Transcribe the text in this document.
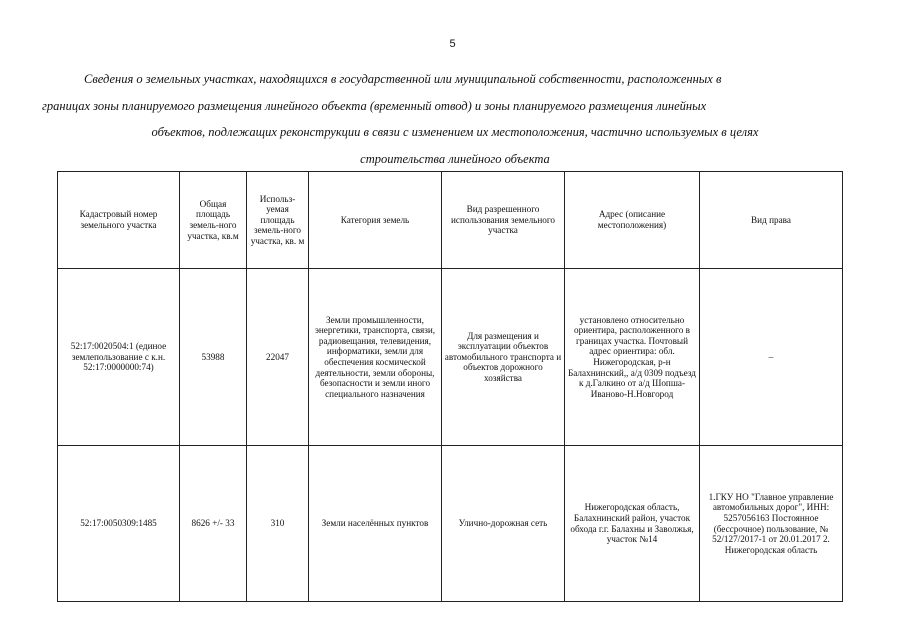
5

Сведения о земельных участках, находящихся в государственной или муниципальной собственности, расположенных в

границах зоны планируемого размещения линейного объекта (временный отвод) и зоны планируемого размещения линейных

объектов, подлежащих реконструкции в связи с изменением их местоположения, частично используемых в целях

строительства линейного объекта

Кадастровый номер земельного участка	Общая площадь земель-ного участка, кв.м	Использ-уемая площадь земель-ного участка, кв. м	Категория земель	Вид разрешенного использования земельного участка	Адрес (описание местоположения)	Вид права
52:17:0020504:1 (единое землепользование с к.н. 52:17:0000000:74)	53988	22047	Земли промышленности, энергетики, транспорта, связи, радиовещания, телевидения, информатики, земли для обеспечения космической деятельности, земли обороны, безопасности и земли иного специального назначения	Для размещения и эксплуатации объектов автомобильного транспорта и объектов дорожного хозяйства	установлено относительно ориентира, расположенного в границах участка. Почтовый адрес ориентира: обл. Нижегородская, р-н Балахнинский,, а/д 0309 подъезд к д.Галкино от а/д Шопша-Иваново-Н.Новгород	–
52:17:0050309:1485	8626 +/- 33	310	Земли населённых пунктов	Улично-дорожная сеть	Нижегородская область, Балахнинский район, участок обхода г.г. Балахны и Заволжья, участок №14	1.ГКУ НО "Главное управление автомобильных дорог", ИНН: 5257056163 Постоянное (бессрочное) пользование, № 52/127/2017-1 от 20.01.2017 2. Нижегородская область
